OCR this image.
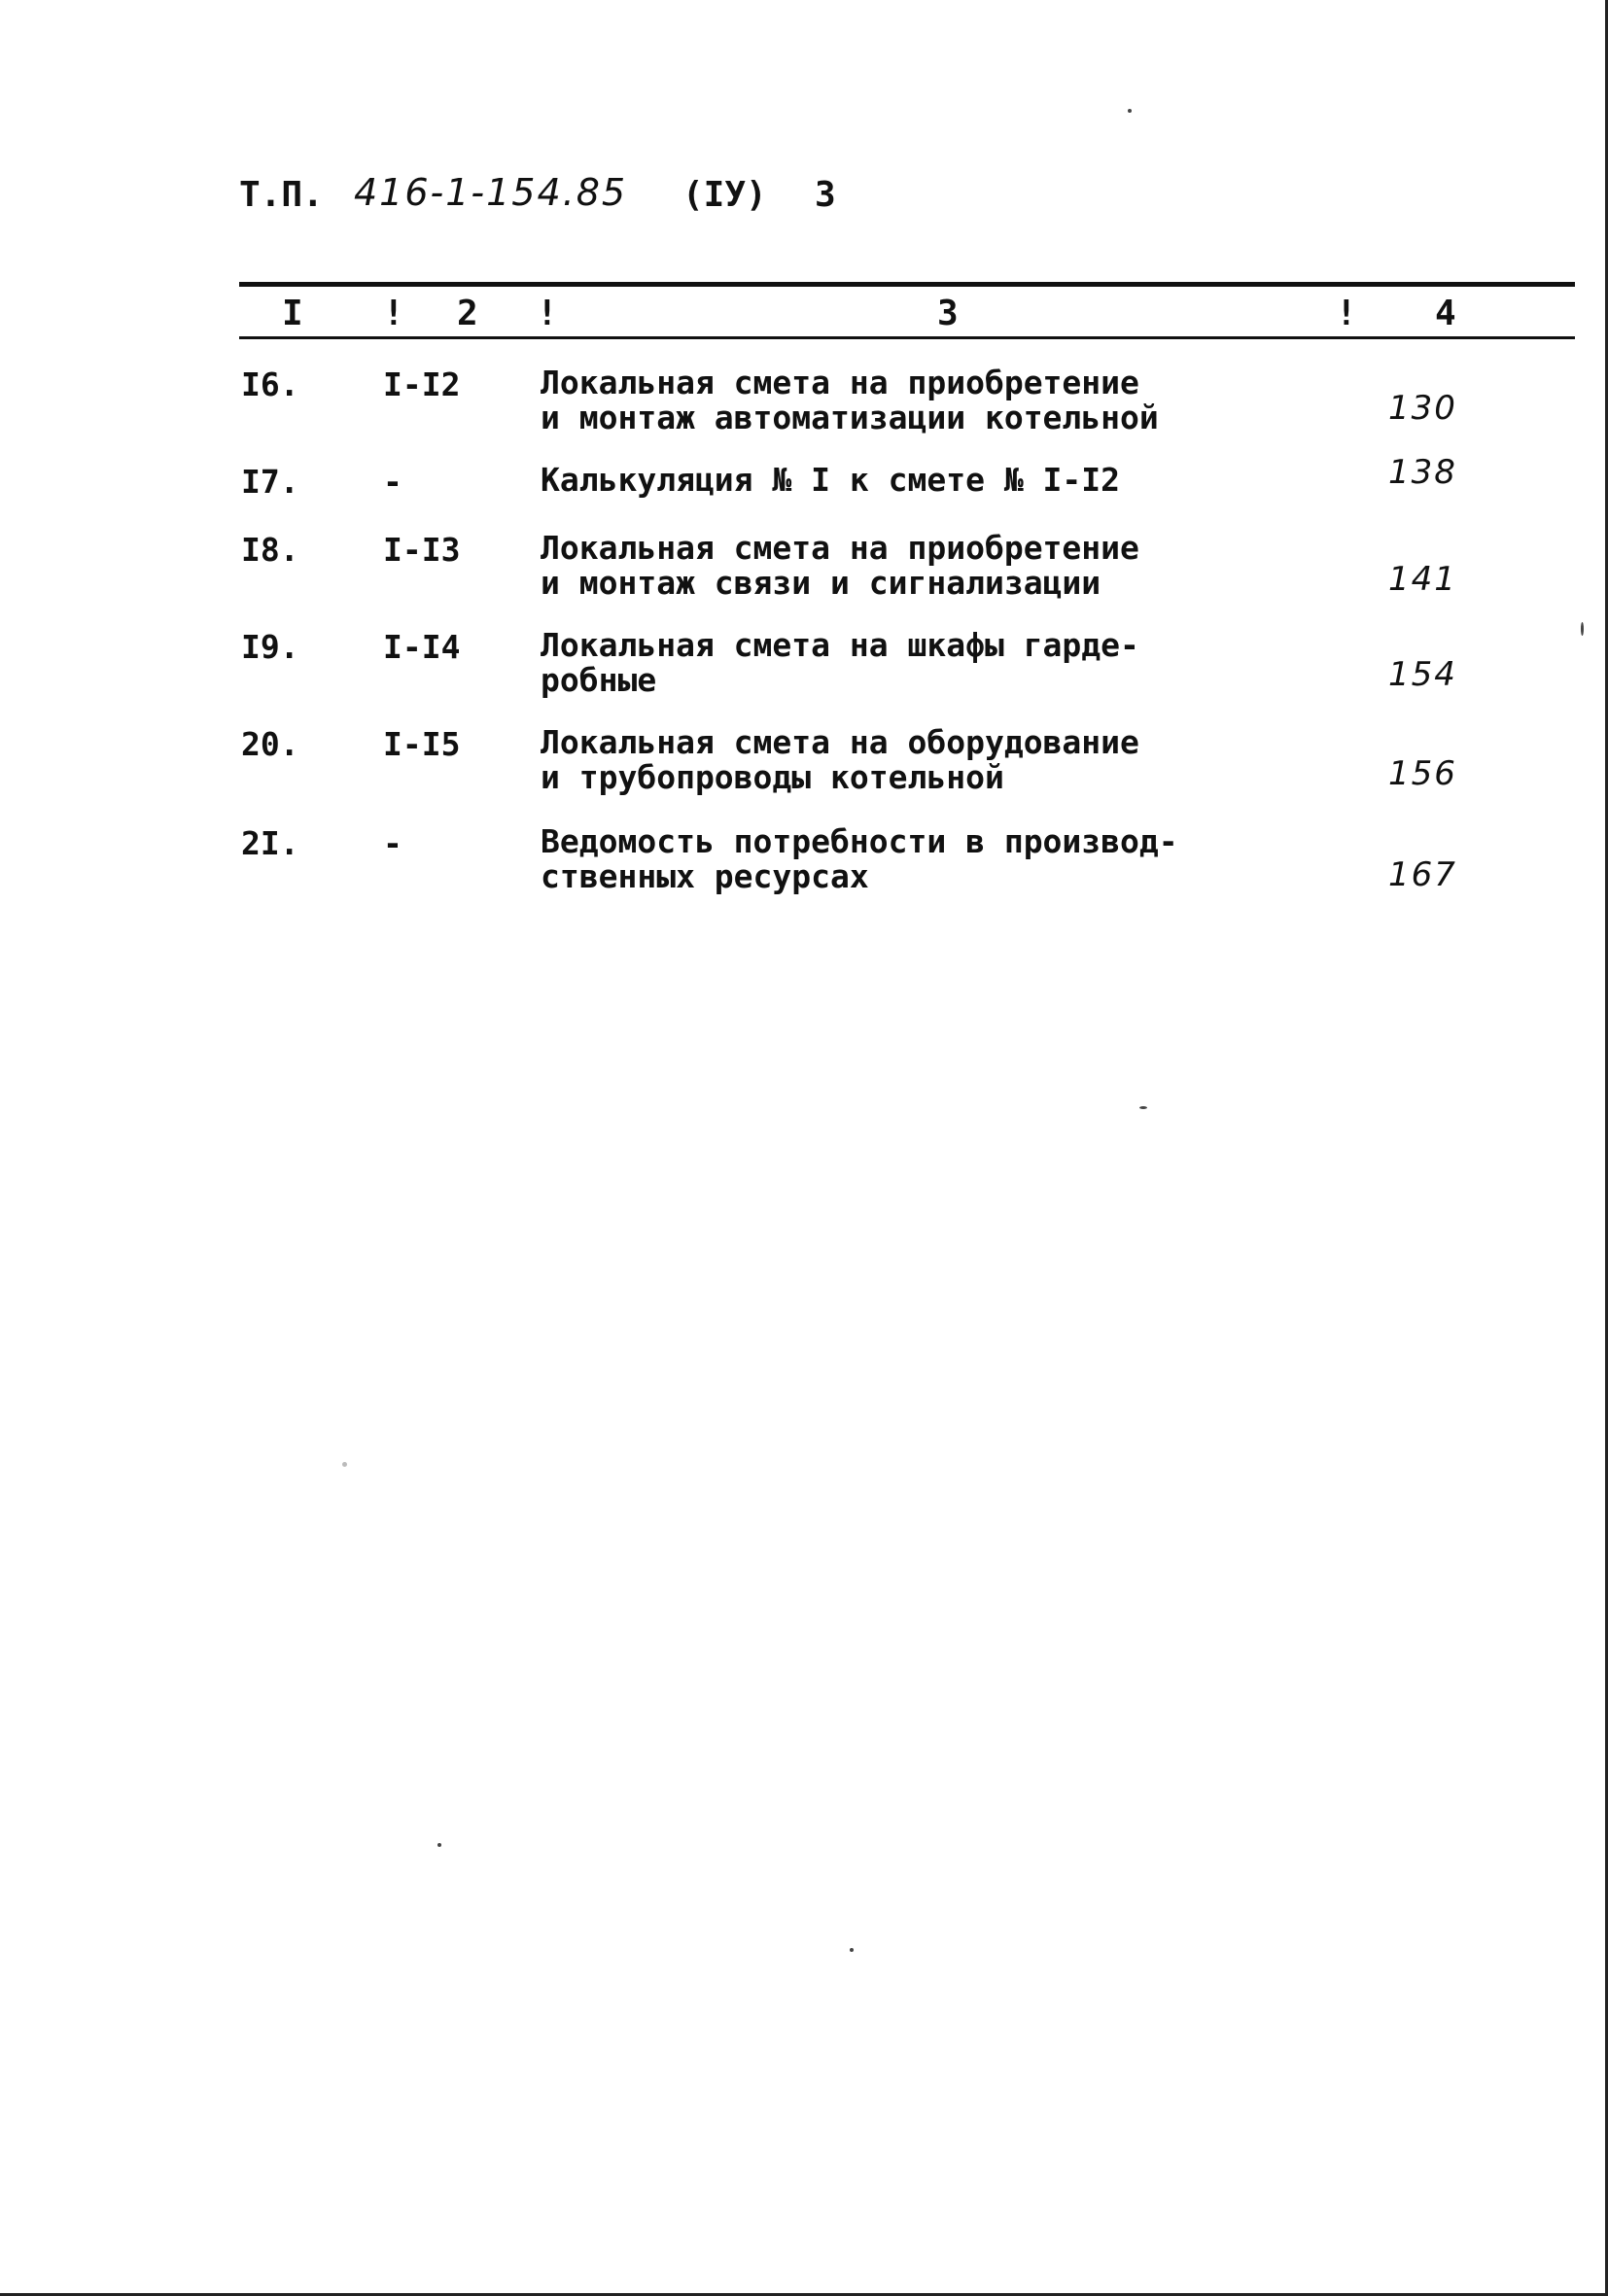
Т.П. 416-1-154.85 (IУ) 3
I ! 2 !	3	! 4
I6.	I-I2	Локальная смета на приобретение
и монтаж автоматизации котельной	130
I7.	-	Калькуляция № I к смете № I-I2	138
I8.	I-I3	Локальная смета на приобретение
и монтаж связи и сигнализации	141
I9.	I-I4	Локальная смета на шкафы гарде-
робные	154
20.	I-I5	Локальная смета на оборудование
и трубопроводы котельной	156
2I.	-	Ведомость потребности в производ-
ственных ресурсах	167
